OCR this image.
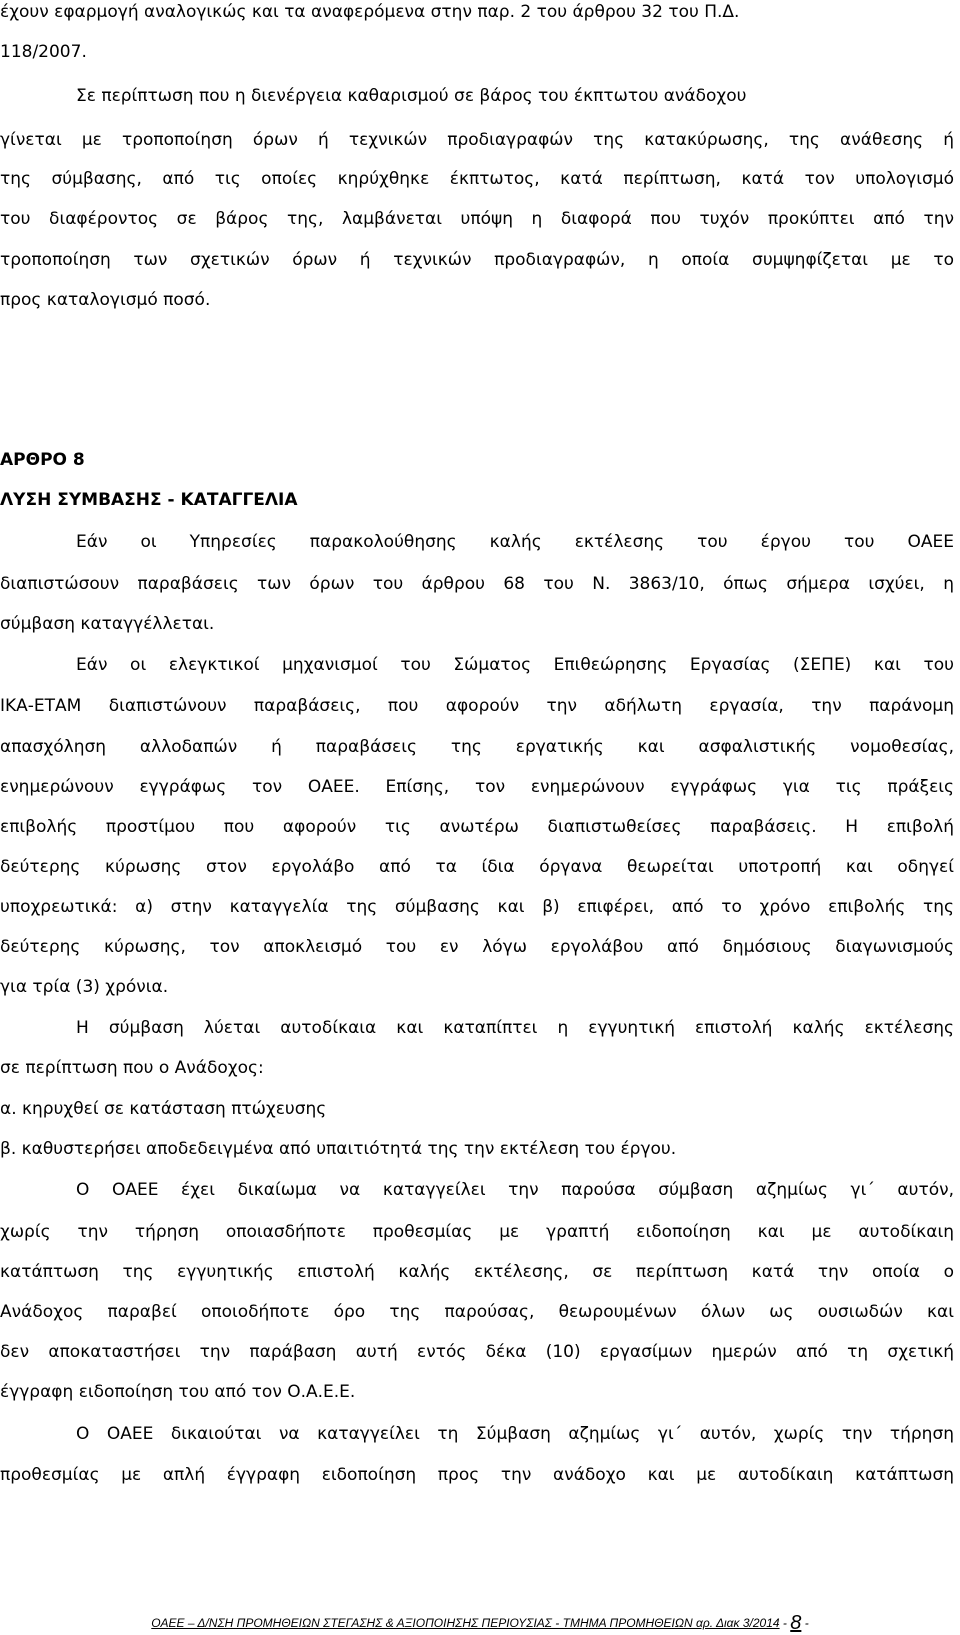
έχουν εφαρμογή αναλογικώς και τα αναφερόμενα στην παρ. 2 του άρθρου 32 του Π.Δ.
118/2007.
Σε περίπτωση που η διενέργεια καθαρισμού σε βάρος του έκπτωτου ανάδοχου
γίνεται με τροποποίηση όρων ή τεχνικών προδιαγραφών της κατακύρωσης, της ανάθεσης ή
της σύμβασης, από τις οποίες κηρύχθηκε έκπτωτος, κατά περίπτωση, κατά τον υπολογισμό
του διαφέροντος σε βάρος της, λαμβάνεται υπόψη η διαφορά που τυχόν προκύπτει από την
τροποποίηση των σχετικών όρων ή τεχνικών προδιαγραφών, η οποία συμψηφίζεται με το
προς καταλογισμό ποσό.
ΑΡΘΡΟ 8
ΛΥΣΗ ΣΥΜΒΑΣΗΣ - ΚΑΤΑΓΓΕΛΙΑ
Εάν οι Υπηρεσίες παρακολούθησης καλής εκτέλεσης του έργου του ΟΑΕΕ
διαπιστώσουν παραβάσεις των όρων του άρθρου 68 του Ν. 3863/10, όπως σήμερα ισχύει, η
σύμβαση καταγγέλλεται.
Εάν οι ελεγκτικοί μηχανισμοί του Σώματος Επιθεώρησης Εργασίας (ΣΕΠΕ) και του
ΙΚΑ-ΕΤΑΜ διαπιστώνουν παραβάσεις, που αφορούν την αδήλωτη εργασία, την παράνομη
απασχόληση αλλοδαπών ή παραβάσεις της εργατικής και ασφαλιστικής νομοθεσίας,
ενημερώνουν εγγράφως τον ΟΑΕΕ. Επίσης, τον ενημερώνουν εγγράφως για τις πράξεις
επιβολής προστίμου που αφορούν τις ανωτέρω διαπιστωθείσες παραβάσεις. Η επιβολή
δεύτερης κύρωσης στον εργολάβο από τα ίδια όργανα θεωρείται υποτροπή και οδηγεί
υποχρεωτικά: α) στην καταγγελία της σύμβασης και β) επιφέρει, από το χρόνο επιβολής της
δεύτερης κύρωσης, τον αποκλεισμό του εν λόγω εργολάβου από δημόσιους διαγωνισμούς
για τρία (3) χρόνια.
Η σύμβαση λύεται αυτοδίκαια και καταπίπτει η εγγυητική επιστολή καλής εκτέλεσης
σε περίπτωση που ο Ανάδοχος:
α. κηρυχθεί σε κατάσταση πτώχευσης
β. καθυστερήσει αποδεδειγμένα από υπαιτιότητά της την εκτέλεση του έργου.
Ο ΟΑΕΕ έχει δικαίωμα να καταγγείλει την παρούσα σύμβαση αζημίως γι΄ αυτόν,
χωρίς την τήρηση οποιασδήποτε προθεσμίας με γραπτή ειδοποίηση και με αυτοδίκαιη
κατάπτωση της εγγυητικής επιστολή καλής εκτέλεσης, σε περίπτωση κατά την οποία ο
Ανάδοχος παραβεί οποιοδήποτε όρο της παρούσας, θεωρουμένων όλων ως ουσιωδών και
δεν αποκαταστήσει την παράβαση αυτή εντός δέκα (10) εργασίμων ημερών από τη σχετική
έγγραφη ειδοποίηση του από τον Ο.Α.Ε.Ε.
Ο ΟΑΕΕ δικαιούται να καταγγείλει τη Σύμβαση αζημίως γι΄ αυτόν, χωρίς την τήρηση
προθεσμίας με απλή έγγραφη ειδοποίηση προς την ανάδοχο και με αυτοδίκαιη κατάπτωση
ΟΑΕΕ – Δ/ΝΣΗ ΠΡΟΜΗΘΕΙΩΝ ΣΤΕΓΑΣΗΣ & ΑΞΙΟΠΟΙΗΣΗΣ ΠΕΡΙΟΥΣΙΑΣ - ΤΜΗΜΑ ΠΡΟΜΗΘΕΙΩΝ αρ. Διακ 3/2014 - 8 -
